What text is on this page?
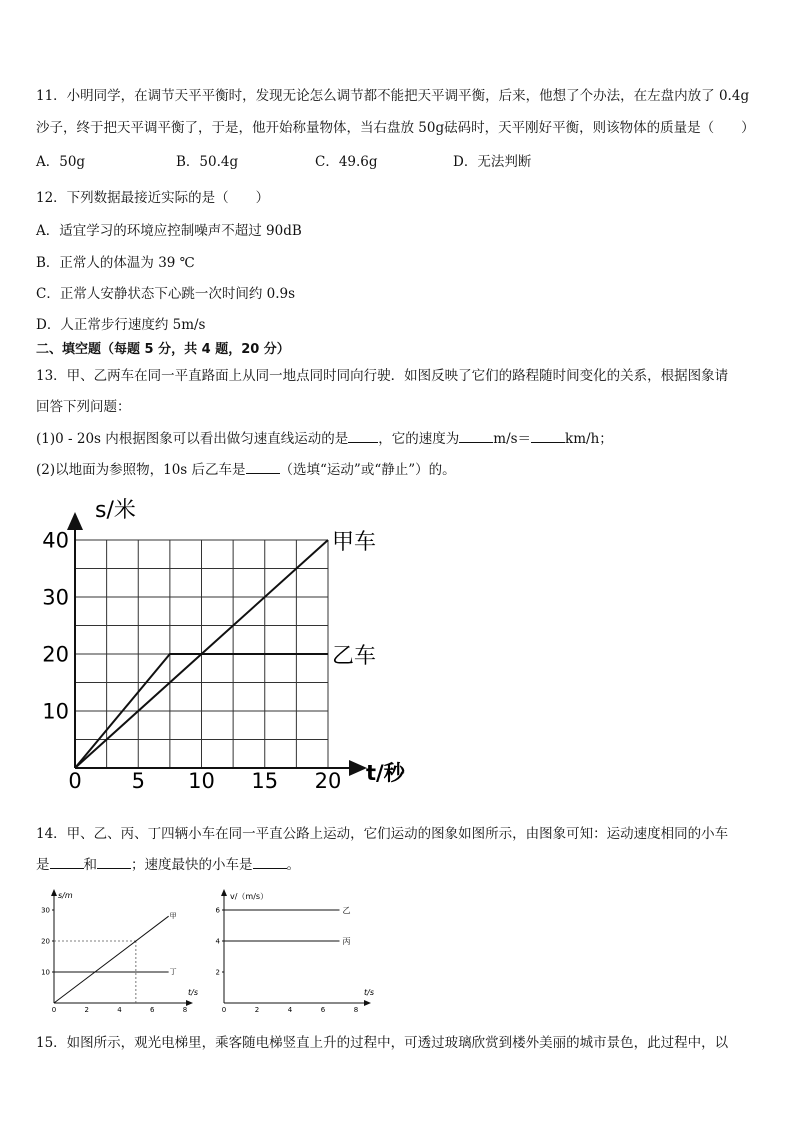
11．小明同学，在调节天平平衡时，发现无论怎么调节都不能把天平调平衡，后来，他想了个办法，在左盘内放了 0.4g
沙子，终于把天平调平衡了，于是，他开始称量物体，当右盘放 50g砝码时，天平刚好平衡，则该物体的质量是（　　）
A．50g	B．50.4g	C．49.6g	D．无法判断
12．下列数据最接近实际的是（　　）
A．适宜学习的环境应控制噪声不超过 90dB
B．正常人的体温为 39 ℃
C．正常人安静状态下心跳一次时间约 0.9s
D．人正常步行速度约 5m/s
二、填空题（每题 5 分，共 4 题，20 分）
13．甲、乙两车在同一平直路面上从同一地点同时同向行驶．如图反映了它们的路程随时间变化的关系，根据图象请
回答下列问题：
(1)0 - 20s 内根据图象可以看出做匀速直线运动的是 ，它的速度为	m/s＝	km/h；
(2)以地面为参照物，10s 后乙车是	（选填“运动”或“静止”）的。
0 5 10 15 20
10
20
30
40	甲车
乙车
s/米
t/秒
14．甲、乙、丙、丁四辆小车在同一平直公路上运动，它们运动的图象如图所示，由图象可知：运动速度相同的小车
是	和	；速度最快的小车是	。
0	2	4	6	8
10
20
30
甲
丁
s/m
t/s
0	2	4	6	8
2
4
6	乙
丙
v/（m/s）
t/s
15．如图所示，观光电梯里，乘客随电梯竖直上升的过程中，可透过玻璃欣赏到楼外美丽的城市景色，此过程中，以
